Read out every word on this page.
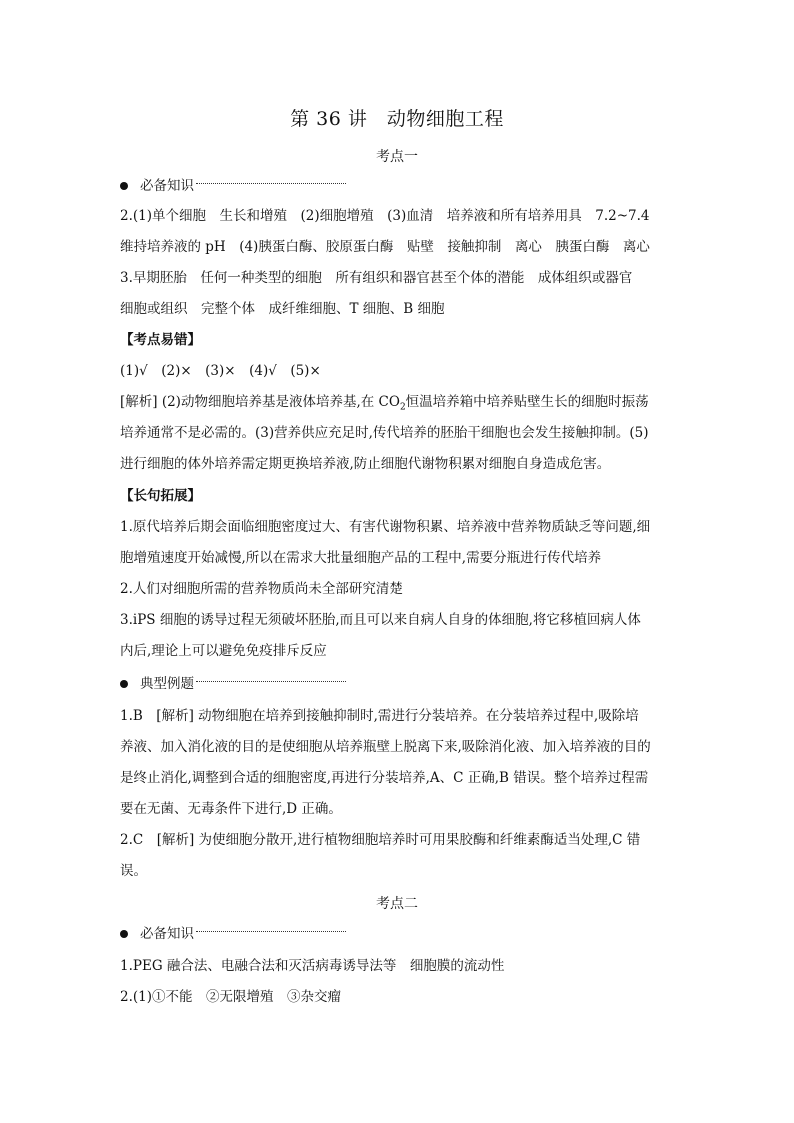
第 36 讲　动物细胞工程
考点一
必备知识
2.(1)单个细胞　生长和增殖　(2)细胞增殖　(3)血清　培养液和所有培养用具　7.2~7.4
维持培养液的 pH　(4)胰蛋白酶、胶原蛋白酶　贴壁　接触抑制　离心　胰蛋白酶　离心
3.早期胚胎　任何一种类型的细胞　所有组织和器官甚至个体的潜能　成体组织或器官
细胞或组织　完整个体　成纤维细胞、T 细胞、B 细胞
【考点易错】
(1)√　(2)×　(3)×　(4)√　(5)×
[解析] (2)动物细胞培养基是液体培养基,在 $CO_2$恒温培养箱中培养贴壁生长的细胞时振荡
培养通常不是必需的。(3)营养供应充足时,传代培养的胚胎干细胞也会发生接触抑制。(5)
进行细胞的体外培养需定期更换培养液,防止细胞代谢物积累对细胞自身造成危害。
【长句拓展】
1.原代培养后期会面临细胞密度过大、有害代谢物积累、培养液中营养物质缺乏等问题,细
胞增殖速度开始减慢,所以在需求大批量细胞产品的工程中,需要分瓶进行传代培养
2.人们对细胞所需的营养物质尚未全部研究清楚
3.iPS 细胞的诱导过程无须破坏胚胎,而且可以来自病人自身的体细胞,将它移植回病人体
内后,理论上可以避免免疫排斥反应
典型例题
1.B　[解析] 动物细胞在培养到接触抑制时,需进行分装培养。在分装培养过程中,吸除培
养液、加入消化液的目的是使细胞从培养瓶壁上脱离下来,吸除消化液、加入培养液的目的
是终止消化,调整到合适的细胞密度,再进行分装培养,A、C 正确,B 错误。整个培养过程需
要在无菌、无毒条件下进行,D 正确。
2.C　[解析] 为使细胞分散开,进行植物细胞培养时可用果胶酶和纤维素酶适当处理,C 错
误。
考点二
必备知识
1.PEG 融合法、电融合法和灭活病毒诱导法等　细胞膜的流动性
2.(1)①不能　②无限增殖　③杂交瘤
